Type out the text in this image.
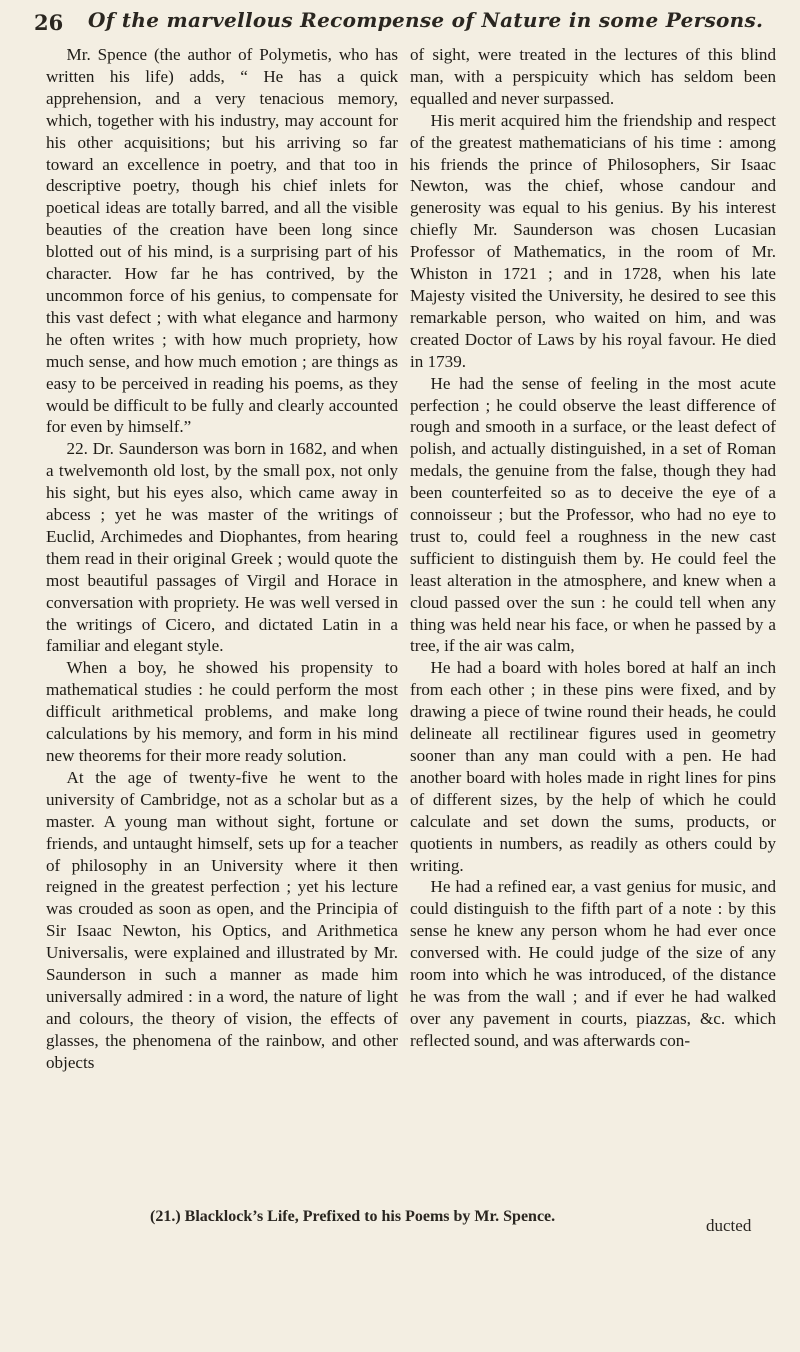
26 Of the marvellous Recompense of Nature in some Persons.

Mr. Spence (the author of Polymetis, who has written his life) adds, “ He has a quick apprehension, and a very tenacious memory, which, together with his industry, may account for his other acquisitions; but his arriving so far toward an excellence in poetry, and that too in descriptive poetry, though his chief inlets for poetical ideas are totally barred, and all the visible beauties of the creation have been long since blotted out of his mind, is a surprising part of his character. How far he has contrived, by the uncommon force of his genius, to compensate for this vast defect ; with what elegance and harmony he often writes ; with how much propriety, how much sense, and how much emotion ; are things as easy to be perceived in reading his poems, as they would be difficult to be fully and clearly accounted for even by himself.”

22. Dr. Saunderson was born in 1682, and when a twelvemonth old lost, by the small pox, not only his sight, but his eyes also, which came away in abcess ; yet he was master of the writings of Euclid, Archimedes and Diophantes, from hearing them read in their original Greek ; would quote the most beautiful passages of Virgil and Horace in conversation with propriety. He was well versed in the writings of Cicero, and dictated Latin in a familiar and elegant style.

When a boy, he showed his propensity to mathematical studies : he could perform the most difficult arithmetical problems, and make long calculations by his memory, and form in his mind new theorems for their more ready solution.

At the age of twenty-five he went to the university of Cambridge, not as a scholar but as a master. A young man without sight, fortune or friends, and untaught himself, sets up for a teacher of philosophy in an University where it then reigned in the greatest perfection ; yet his lecture was crouded as soon as open, and the Principia of Sir Isaac Newton, his Optics, and Arithmetica Universalis, were explained and illustrated by Mr. Saunderson in such a manner as made him universally admired : in a word, the nature of light and colours, the theory of vision, the effects of glasses, the phenomena of the rainbow, and other objects

of sight, were treated in the lectures of this blind man, with a perspicuity which has seldom been equalled and never surpassed.

His merit acquired him the friendship and respect of the greatest mathematicians of his time : among his friends the prince of Philosophers, Sir Isaac Newton, was the chief, whose candour and generosity was equal to his genius. By his interest chiefly Mr. Saunderson was chosen Lucasian Professor of Mathematics, in the room of Mr. Whiston in 1721 ; and in 1728, when his late Majesty visited the University, he desired to see this remarkable person, who waited on him, and was created Doctor of Laws by his royal favour. He died in 1739.

He had the sense of feeling in the most acute perfection ; he could observe the least difference of rough and smooth in a surface, or the least defect of polish, and actually distinguished, in a set of Roman medals, the genuine from the false, though they had been counterfeited so as to deceive the eye of a connoisseur ; but the Professor, who had no eye to trust to, could feel a roughness in the new cast sufficient to distinguish them by. He could feel the least alteration in the atmosphere, and knew when a cloud passed over the sun : he could tell when any thing was held near his face, or when he passed by a tree, if the air was calm,

He had a board with holes bored at half an inch from each other ; in these pins were fixed, and by drawing a piece of twine round their heads, he could delineate all rectilinear figures used in geometry sooner than any man could with a pen. He had another board with holes made in right lines for pins of different sizes, by the help of which he could calculate and set down the sums, products, or quotients in numbers, as readily as others could by writing.

He had a refined ear, a vast genius for music, and could distinguish to the fifth part of a note : by this sense he knew any person whom he had ever once conversed with. He could judge of the size of any room into which he was introduced, of the distance he was from the wall ; and if ever he had walked over any pavement in courts, piazzas, &c. which reflected sound, and was afterwards con-

(21.) Blacklock’s Life, Prefixed to his Poems by Mr. Spence.	ducted
